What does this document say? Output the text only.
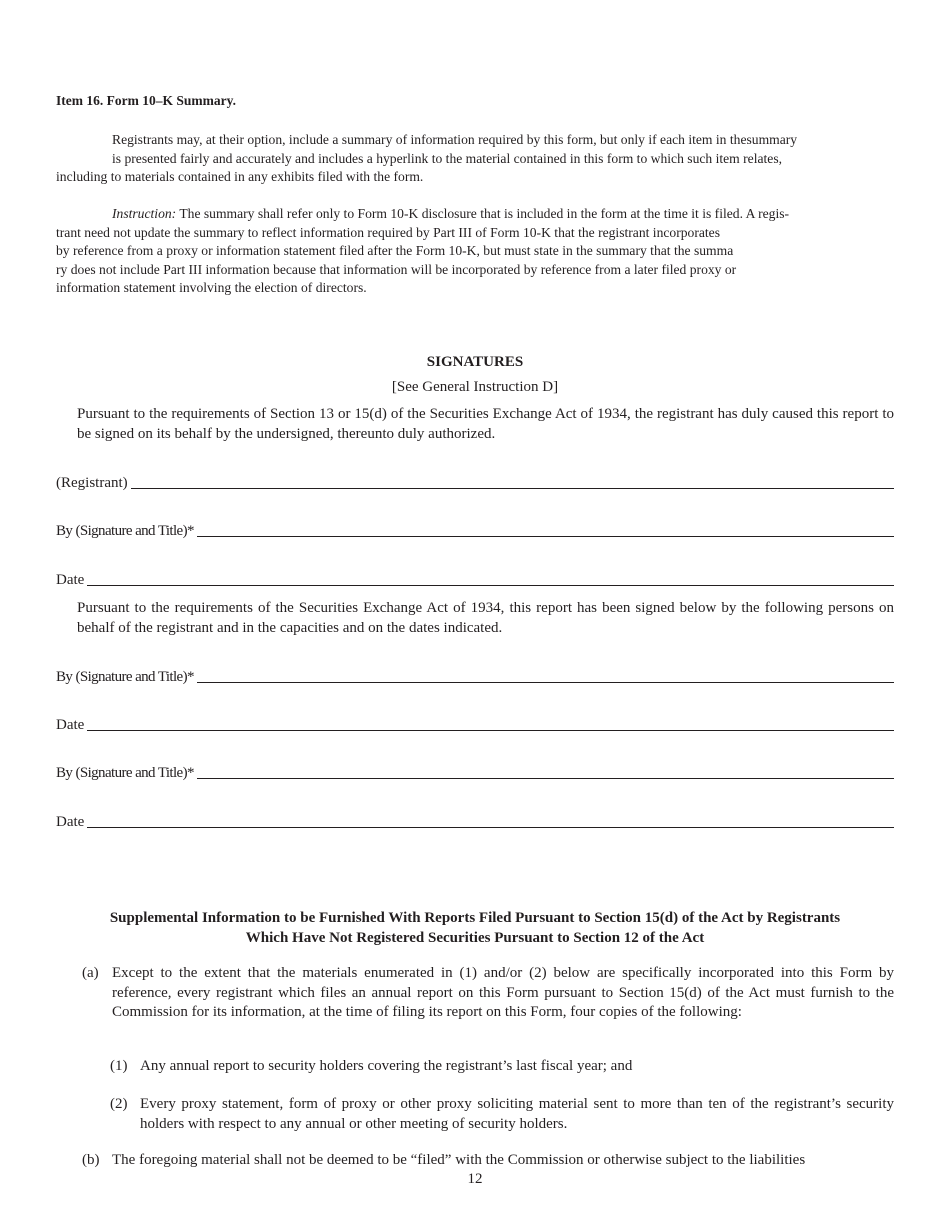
Item 16. Form 10–K Summary.
Registrants may, at their option, include a summary of information required by this form, but only if each item in thesummary
is presented fairly and accurately and includes a hyperlink to the material contained in this form to which such item relates,
including to materials contained in any exhibits filed with the form.
Instruction: The summary shall refer only to Form 10-K disclosure that is included in the form at the time it is filed. A regis-
trant need not update the summary to reflect information required by Part III of Form 10-K that the registrant incorporates
by reference from a proxy or information statement filed after the Form 10-K, but must state in the summary that the summa
ry does not include Part III information because that information will be incorporated by reference from a later filed proxy or
information statement involving the election of directors.
SIGNATURES
[See General Instruction D]
Pursuant to the requirements of Section 13 or 15(d) of the Securities Exchange Act of 1934, the registrant has duly caused this report to be signed on its behalf by the undersigned, thereunto duly authorized.
(Registrant)
By (Signature and Title)*
Date
Pursuant to the requirements of the Securities Exchange Act of 1934, this report has been signed below by the following persons on behalf of the registrant and in the capacities and on the dates indicated.
By (Signature and Title)*
Date
By (Signature and Title)*
Date
Supplemental Information to be Furnished With Reports Filed Pursuant to Section 15(d) of the Act by Registrants
Which Have Not Registered Securities Pursuant to Section 12 of the Act
(a) Except to the extent that the materials enumerated in (1) and/or (2) below are specifically incorporated into this Form by reference, every registrant which files an annual report on this Form pursuant to Section 15(d) of the Act must furnish to the Commission for its information, at the time of filing its report on this Form, four copies of the following:
(1) Any annual report to security holders covering the registrant’s last fiscal year; and
(2) Every proxy statement, form of proxy or other proxy soliciting material sent to more than ten of the registrant’s security holders with respect to any annual or other meeting of security holders.
(b) The foregoing material shall not be deemed to be “filed” with the Commission or otherwise subject to the liabilities
12
